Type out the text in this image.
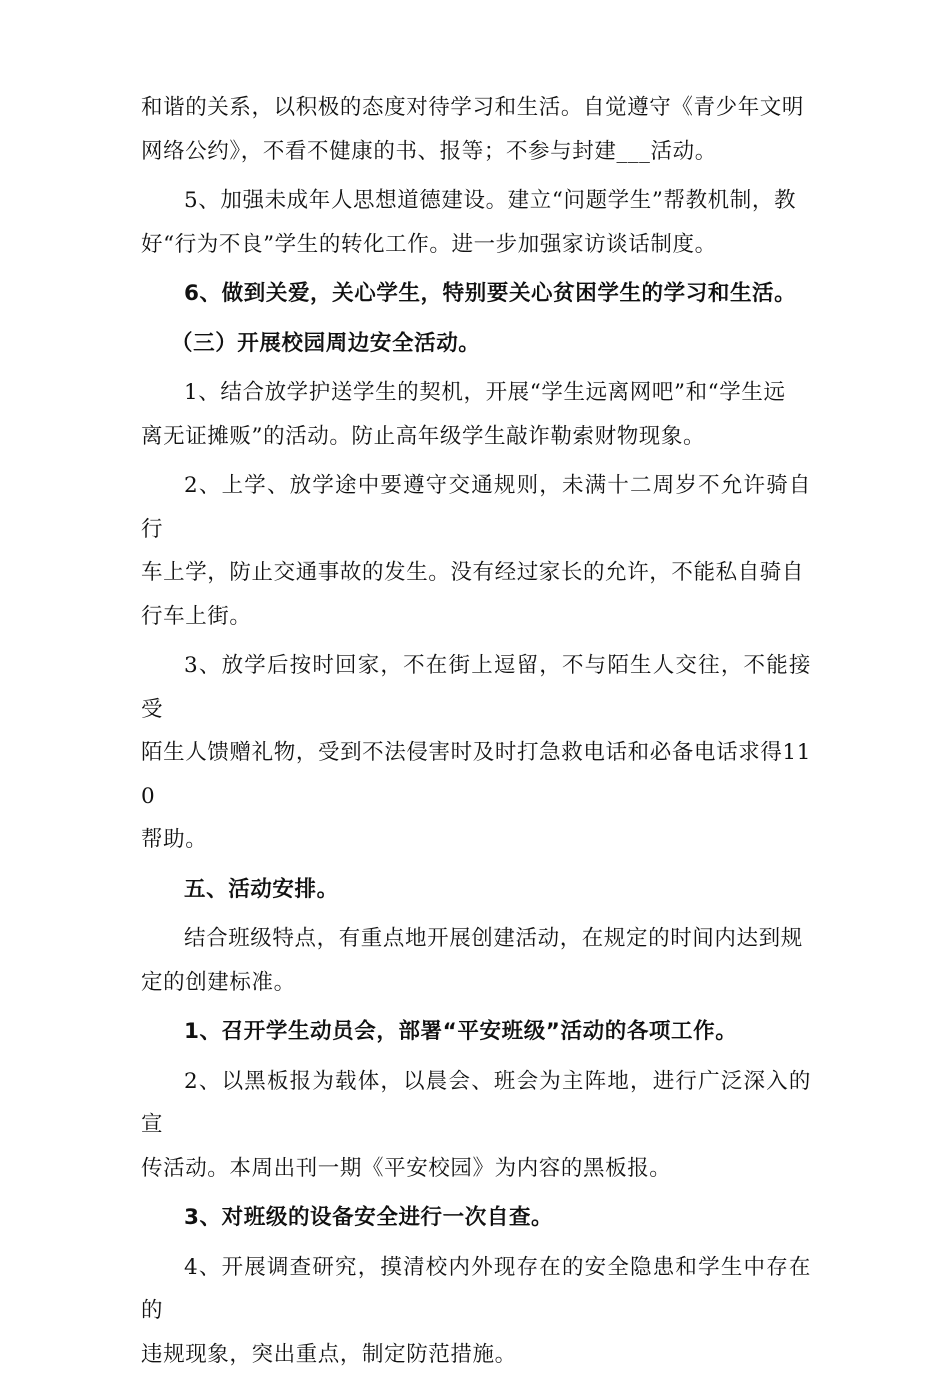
和谐的关系，以积极的态度对待学习和生活。自觉遵守《青少年文明
网络公约》，不看不健康的书、报等；不参与封建___活动。

5、加强未成年人思想道德建设。建立“问题学生”帮教机制，教
好“行为不良”学生的转化工作。进一步加强家访谈话制度。

6、做到关爱，关心学生，特别要关心贫困学生的学习和生活。

（三）开展校园周边安全活动。

1、结合放学护送学生的契机，开展“学生远离网吧”和“学生远
离无证摊贩”的活动。防止高年级学生敲诈勒索财物现象。

2、上学、放学途中要遵守交通规则，未满十二周岁不允许骑自行
车上学，防止交通事故的发生。没有经过家长的允许，不能私自骑自
行车上街。

3、放学后按时回家，不在街上逗留，不与陌生人交往，不能接受
陌生人馈赠礼物，受到不法侵害时及时打急救电话和必备电话求得110
帮助。

五、活动安排。

结合班级特点，有重点地开展创建活动，在规定的时间内达到规
定的创建标准。

1、召开学生动员会，部署“平安班级”活动的各项工作。

2、以黑板报为载体，以晨会、班会为主阵地，进行广泛深入的宣
传活动。本周出刊一期《平安校园》为内容的黑板报。

3、对班级的设备安全进行一次自查。

4、开展调查研究，摸清校内外现存在的安全隐患和学生中存在的
违规现象，突出重点，制定防范措施。
